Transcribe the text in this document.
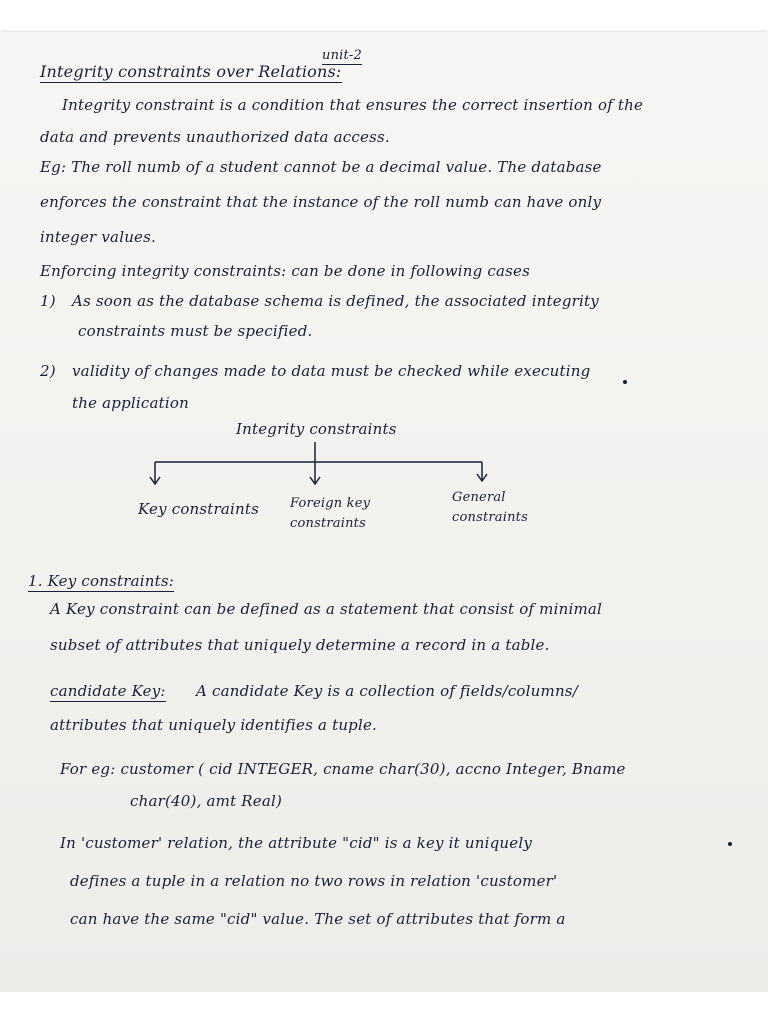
unit-2
Integrity constraints over Relations:
Integrity constraint is a condition that ensures the correct insertion of the
data and prevents unauthorized data access.
Eg: The roll numb of a student cannot be a decimal value. The database
enforces the constraint that the instance of the roll numb can have only
integer values.
Enforcing integrity constraints: can be done in following cases
1) As soon as the database schema is defined, the associated integrity
constraints must be specified.
2) validity of changes made to data must be checked while executing
the application
Integrity constraints
Key constraints Foreign key constraints
General constraints
1. Key constraints:
A Key constraint can be defined as a statement that consist of minimal
subset of attributes that uniquely determine a record in a table.
candidate Key: A candidate Key is a collection of fields/columns/
attributes that uniquely identifies a tuple.
For eg: customer ( cid INTEGER, cname char(30), accno Integer, Bname
char(40), amt Real)
In 'customer' relation, the attribute "cid" is a key it uniquely
defines a tuple in a relation no two rows in relation 'customer'
can have the same "cid" value. The set of attributes that form a
